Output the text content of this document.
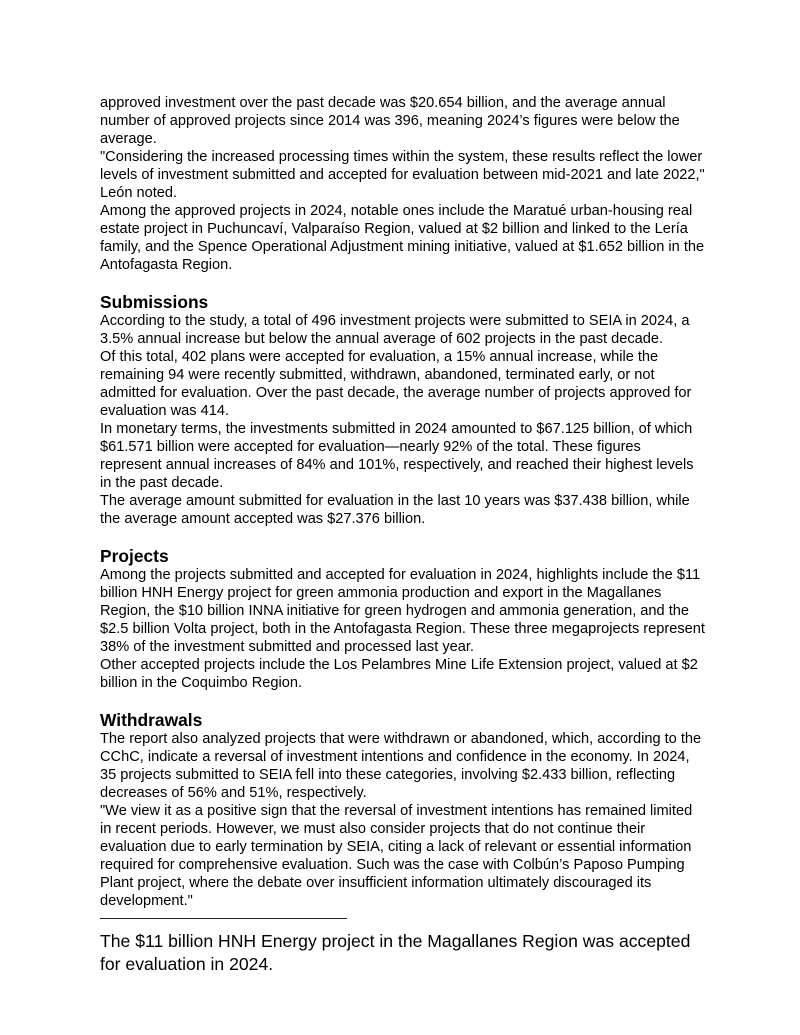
approved investment over the past decade was $20.654 billion, and the average annual number of approved projects since 2014 was 396, meaning 2024’s figures were below the average.

"Considering the increased processing times within the system, these results reflect the lower levels of investment submitted and accepted for evaluation between mid-2021 and late 2022," León noted.

Among the approved projects in 2024, notable ones include the Maratué urban-housing real estate project in Puchuncaví, Valparaíso Region, valued at $2 billion and linked to the Lería family, and the Spence Operational Adjustment mining initiative, valued at $1.652 billion in the Antofagasta Region.

Submissions

According to the study, a total of 496 investment projects were submitted to SEIA in 2024, a 3.5% annual increase but below the annual average of 602 projects in the past decade.

Of this total, 402 plans were accepted for evaluation, a 15% annual increase, while the remaining 94 were recently submitted, withdrawn, abandoned, terminated early, or not admitted for evaluation. Over the past decade, the average number of projects approved for evaluation was 414.

In monetary terms, the investments submitted in 2024 amounted to $67.125 billion, of which $61.571 billion were accepted for evaluation—nearly 92% of the total. These figures represent annual increases of 84% and 101%, respectively, and reached their highest levels in the past decade.

The average amount submitted for evaluation in the last 10 years was $37.438 billion, while the average amount accepted was $27.376 billion.

Projects

Among the projects submitted and accepted for evaluation in 2024, highlights include the $11 billion HNH Energy project for green ammonia production and export in the Magallanes Region, the $10 billion INNA initiative for green hydrogen and ammonia generation, and the $2.5 billion Volta project, both in the Antofagasta Region. These three megaprojects represent 38% of the investment submitted and processed last year.

Other accepted projects include the Los Pelambres Mine Life Extension project, valued at $2 billion in the Coquimbo Region.

Withdrawals

The report also analyzed projects that were withdrawn or abandoned, which, according to the CChC, indicate a reversal of investment intentions and confidence in the economy. In 2024, 35 projects submitted to SEIA fell into these categories, involving $2.433 billion, reflecting decreases of 56% and 51%, respectively.

"We view it as a positive sign that the reversal of investment intentions has remained limited in recent periods. However, we must also consider projects that do not continue their evaluation due to early termination by SEIA, citing a lack of relevant or essential information required for comprehensive evaluation. Such was the case with Colbún’s Paposo Pumping Plant project, where the debate over insufficient information ultimately discouraged its development."

———————————————————

The $11 billion HNH Energy project in the Magallanes Region was accepted for evaluation in 2024.
